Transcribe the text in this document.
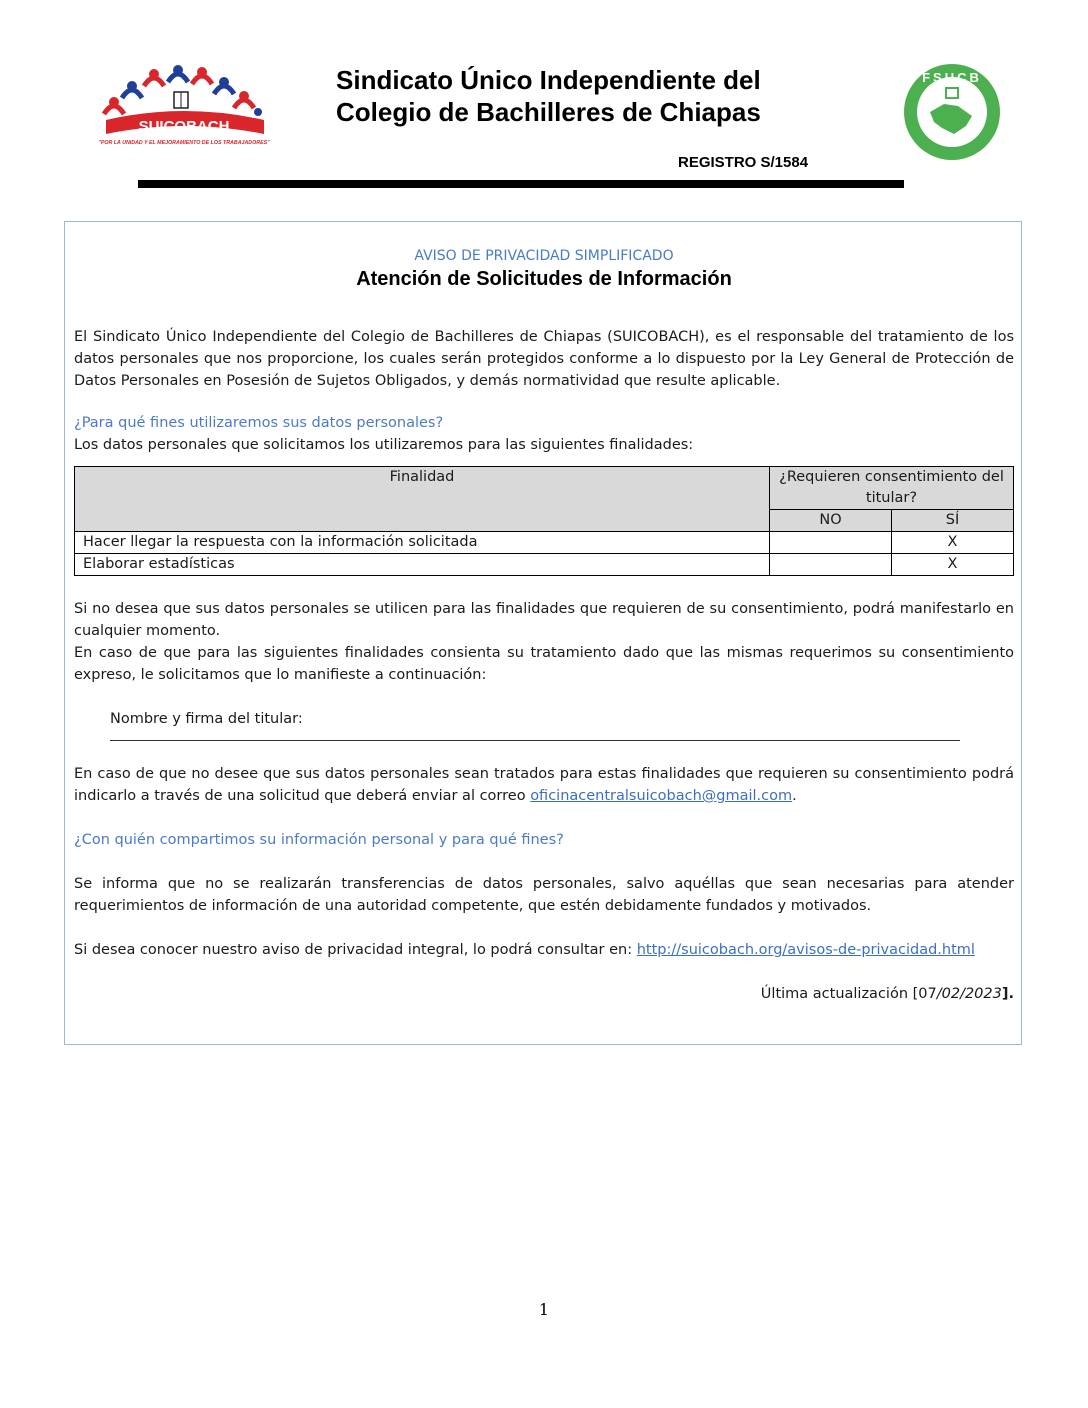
SUICOBACH
"POR LA UNIDAD Y EL MEJORAMIENTO DE LOS TRABAJADORES"
Sindicato Único Independiente del
Colegio de Bachilleres de Chiapas
FSUCB
REGISTRO S/1584
AVISO DE PRIVACIDAD SIMPLIFICADO
Atención de Solicitudes de Información

El Sindicato Único Independiente del Colegio de Bachilleres de Chiapas (SUICOBACH), es el responsable del tratamiento de los datos personales que nos proporcione, los cuales serán protegidos conforme a lo dispuesto por la Ley General de Protección de Datos Personales en Posesión de Sujetos Obligados, y demás normatividad que resulte aplicable.

¿Para qué fines utilizaremos sus datos personales?

Los datos personales que solicitamos los utilizaremos para las siguientes finalidades:

Finalidad	¿Requieren consentimiento del titular?	
	NO	SÍ
Hacer llegar la respuesta con la información solicitada		X
Elaborar estadísticas		X

Si no desea que sus datos personales se utilicen para las finalidades que requieren de su consentimiento, podrá manifestarlo en cualquier momento.

En caso de que para las siguientes finalidades consienta su tratamiento dado que las mismas requerimos su consentimiento expreso, le solicitamos que lo manifieste a continuación:

Nombre y firma del titular:

En caso de que no desee que sus datos personales sean tratados para estas finalidades que requieren su consentimiento podrá indicarlo a través de una solicitud que deberá enviar al correo oficinacentralsuicobach@gmail.com.

¿Con quién compartimos su información personal y para qué fines?

Se informa que no se realizarán transferencias de datos personales, salvo aquéllas que sean necesarias para atender requerimientos de información de una autoridad competente, que estén debidamente fundados y motivados.

Si desea conocer nuestro aviso de privacidad integral, lo podrá consultar en: http://suicobach.org/avisos-de-privacidad.html

Última actualización [07/02/2023].
1
